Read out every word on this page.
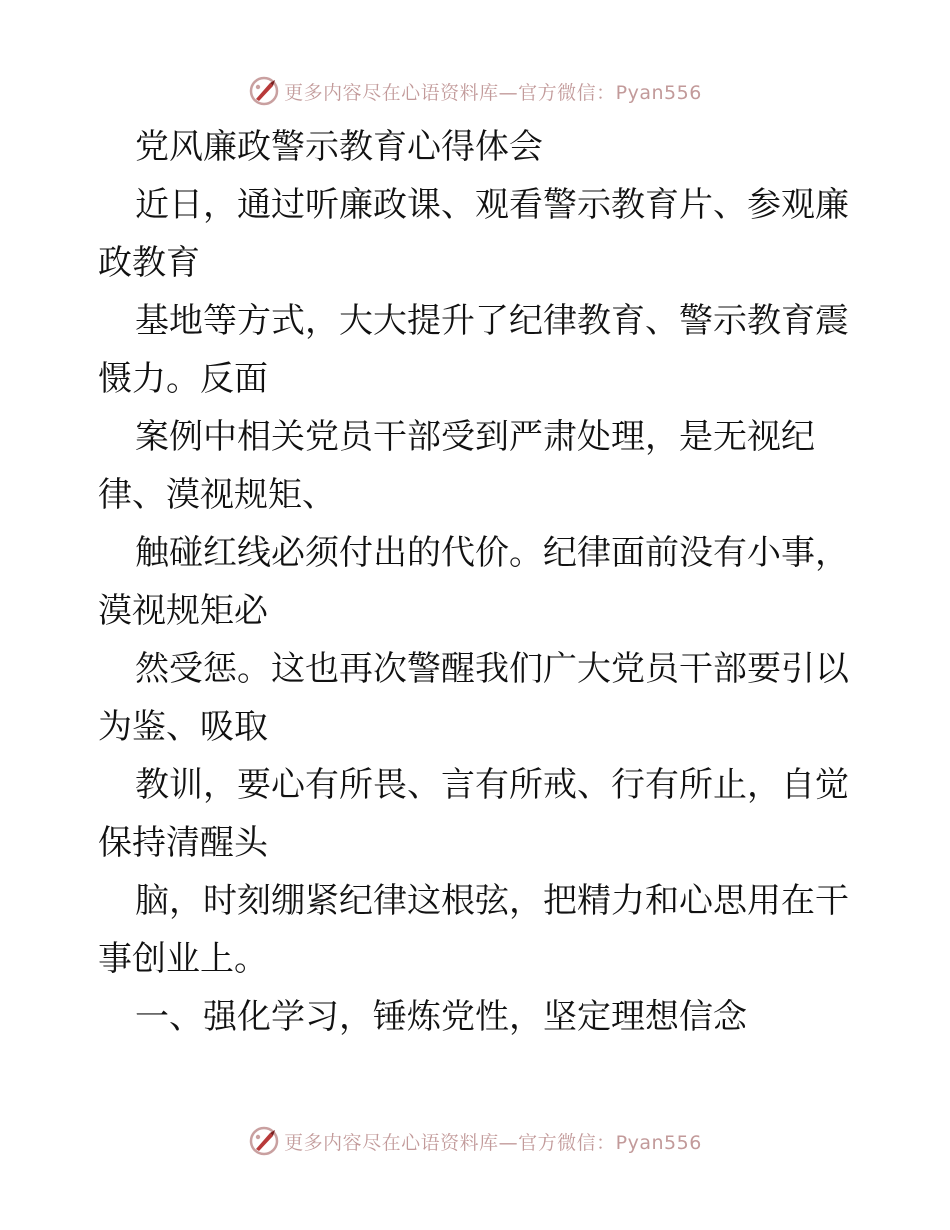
更多内容尽在心语资料库—官方微信：Pyan556
党风廉政警示教育心得体会
近日，通过听廉政课、观看警示教育片、参观廉
政教育
基地等方式，大大提升了纪律教育、警示教育震
慑力。反面
案例中相关党员干部受到严肃处理，是无视纪
律、漠视规矩、
触碰红线必须付出的代价。纪律面前没有小事，
漠视规矩必
然受惩。这也再次警醒我们广大党员干部要引以
为鉴、吸取
教训，要心有所畏、言有所戒、行有所止，自觉
保持清醒头
脑，时刻绷紧纪律这根弦，把精力和心思用在干
事创业上。
一、强化学习，锤炼党性，坚定理想信念
更多内容尽在心语资料库—官方微信：Pyan556
